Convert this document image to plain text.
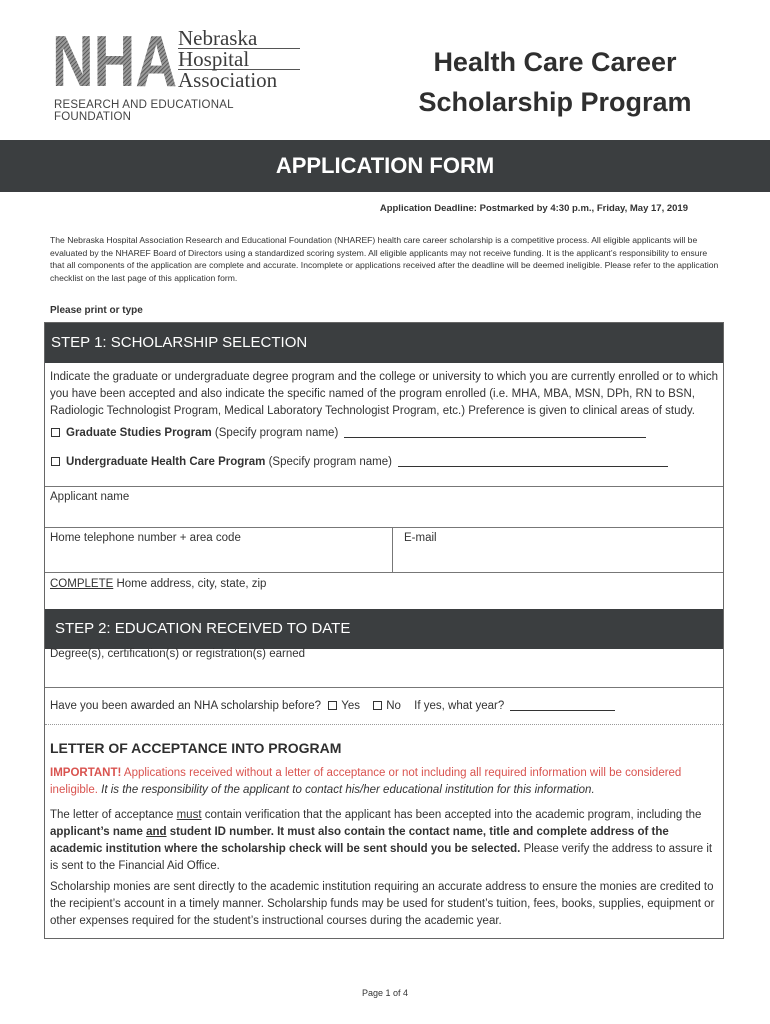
NHA Nebraska
Hospital
Association
RESEARCH AND EDUCATIONAL FOUNDATION
Health Care Career
Scholarship Program
APPLICATION FORM
Application Deadline: Postmarked by 4:30 p.m., Friday, May 17, 2019
The Nebraska Hospital Association Research and Educational Foundation (NHAREF) health care career scholarship is a competitive process. All eligible applicants will be evaluated by the NHAREF Board of Directors using a standardized scoring system. All eligible applicants may not receive funding. It is the applicant’s responsibility to ensure that all components of the application are complete and accurate. Incomplete or applications received after the deadline will be deemed ineligible. Please refer to the application checklist on the last page of this application form.
Please print or type
STEP 1: SCHOLARSHIP SELECTION
Indicate the graduate or undergraduate degree program and the college or university to which you are currently enrolled or to which you have been accepted and also indicate the specific named of the program enrolled (i.e. MHA, MBA, MSN, DPh, RN to BSN, Radiologic Technologist Program, Medical Laboratory Technologist Program, etc.) Preference is given to clinical areas of study.
Graduate Studies Program (Specify program name)
Undergraduate Health Care Program (Specify program name)
Applicant name
Home telephone number + area code	E-mail
COMPLETE Home address, city, state, zip
STEP 2: EDUCATION RECEIVED TO DATE
Degree(s), certification(s) or registration(s) earned
Have you been awarded an NHA scholarship before? Yes No If yes, what year?
LETTER OF ACCEPTANCE INTO PROGRAM
IMPORTANT! Applications received without a letter of acceptance or not including all required information will be considered ineligible. It is the responsibility of the applicant to contact his/her educational institution for this information.
The letter of acceptance must contain verification that the applicant has been accepted into the academic program, including the applicant’s name and student ID number. It must also contain the contact name, title and complete address of the academic institution where the scholarship check will be sent should you be selected. Please verify the address to assure it is sent to the Financial Aid Office.
Scholarship monies are sent directly to the academic institution requiring an accurate address to ensure the monies are credited to the recipient’s account in a timely manner. Scholarship funds may be used for student’s tuition, fees, books, supplies, equipment or other expenses required for the student’s instructional courses during the academic year.
Page 1 of 4
